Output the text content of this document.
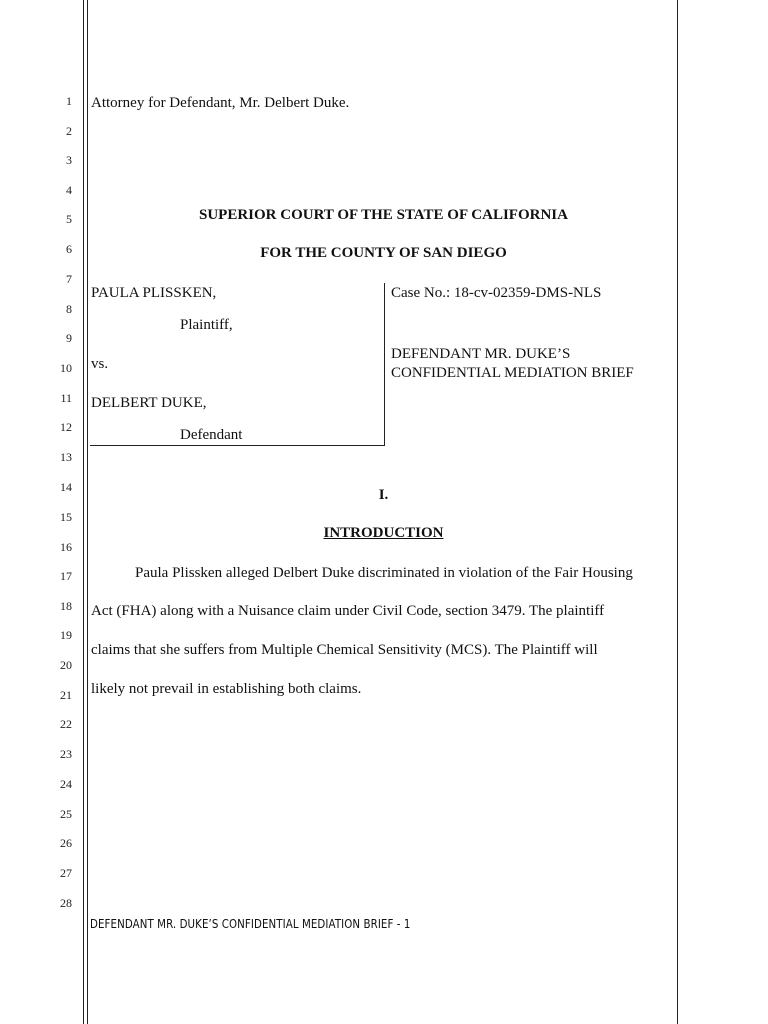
1
2
3
4
5
6
7
8
9
10
11
12
13
14
15
16
17
18
19
20
21
22
23
24
25
26
27
28
Attorney for Defendant, Mr. Delbert Duke.
SUPERIOR COURT OF THE STATE OF CALIFORNIA
FOR THE COUNTY OF SAN DIEGO
PAULA PLISSKEN,
Plaintiff,
vs.
DELBERT DUKE,
Defendant
Case No.: 18-cv-02359-DMS-NLS
DEFENDANT MR. DUKE’S
CONFIDENTIAL MEDIATION BRIEF
I.
INTRODUCTION
Paula Plissken alleged Delbert Duke discriminated in violation of the Fair Housing
Act (FHA) along with a Nuisance claim under Civil Code, section 3479. The plaintiff
claims that she suffers from Multiple Chemical Sensitivity (MCS). The Plaintiff will
likely not prevail in establishing both claims.
DEFENDANT MR. DUKE’S CONFIDENTIAL MEDIATION BRIEF - 1
